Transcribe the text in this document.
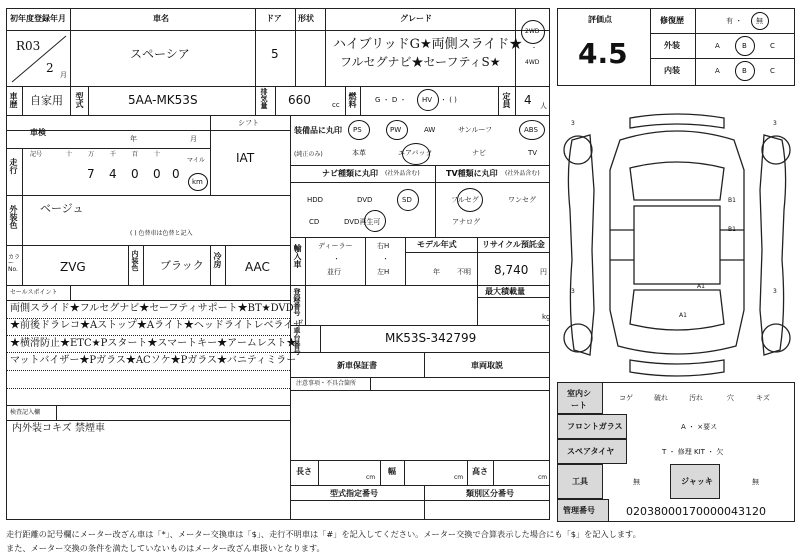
初年度登録年月	車名	ドア 形状	グレード
R03
2 月
スペーシア	5
ハイブリッドG★両側スライド★
フルセグナビ★セーフティS★
2WD
・
4WD
車歴 自家用 型式	5AA-MK53S	排気量 660	cc 燃料	G ・ D ・ HV ・ ( )	定員 4 人
車検
年	月
シフト
IAT
走行
記号	十	万	千	百	十
マイル
7 4 0 0 0
km
外装色 ベージュ
( ) 色替車は色替と記入
カラーNo.	ZVG	内装色 ブラック 冷房 AAC
装備品に丸印
(純正のみ)
PS	PW	AW	サンルーフ	ABS
本革	エアバック	ナビ	TV
ナビ種類に丸印 (社外品含む)	TV種類に丸印 (社外品含む)
HDD	DVD	SD
CD	DVD再生可
フルセグ	ワンセグ
アナログ
輸入車 ディーラー
・
並行
右H
・
左H
モデル年式
年 不明
リサイクル預託金
8,740 円
登録番号	最大積載量
kg
車台番号	MK53S-342799
新車保証書	車両取説
セールスポイント
両側スライド★フルセグナビ★セーフティサポート★BT★DVD
★前後ドラレコ★Aストップ★Aライト★ヘッドライトレベライザ
★横滑防止★ETC★Pスタート★スマートキー★アームレスト★
マットバイザー★Pガラス★ACソケ★Pガラス★バニティミラー
注意事項・不具合箇所
検査記入欄
内外装コキズ 禁煙車
長さ
cm
幅
cm
高さ
cm
型式指定番号	類別区分番号
評価点
4.5
修復歴	有 ・ 無
外装	A	B	C
内装	A	B	C
3	3
3	3
B1
B1
A1
A1
室内シート
コゲ	破れ	汚れ	穴	キズ
フロントガラス	A ・ ×要ス
スペアタイヤ	T ・ 修理 KIT ・ 欠
工具	無	ジャッキ	無
管理番号	02038000170000043120
走行距離の記号欄にメーター改ざん車は「*」、メーター交換車は「$」、走行不明車は「#」を記入してください。メーター交換で合算表示した場合にも「$」を記入します。
また、メーター交換の条件を満たしていないものはメーター改ざん車扱いとなります。
